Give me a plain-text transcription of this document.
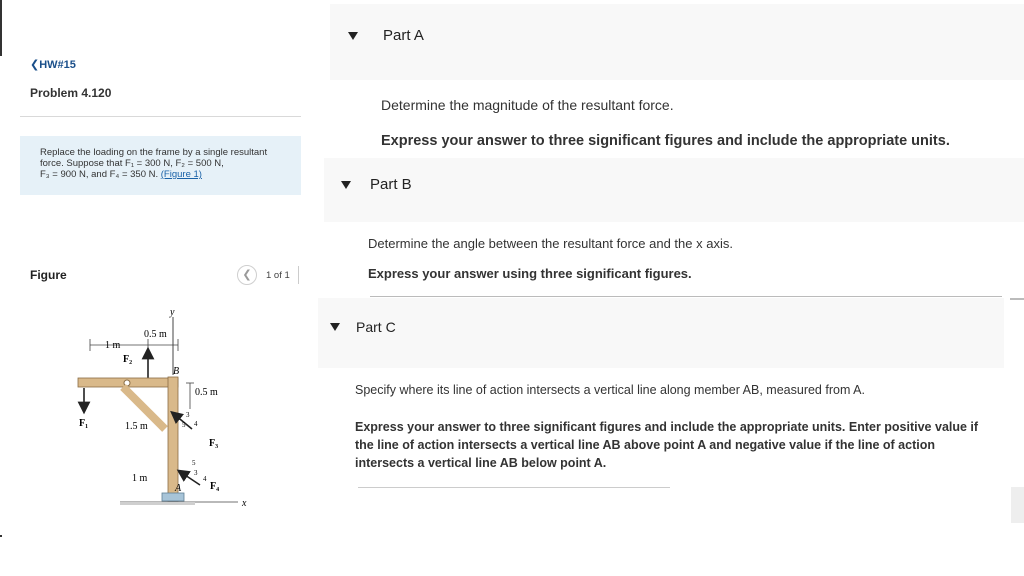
❮HW#15
Problem 4.120
Replace the loading on the frame by a single resultant
force. Suppose that F₁ = 300 N, F₂ = 500 N,
F₃ = 900 N, and F₄ = 350 N. (Figure 1)
Figure	❮	1 of 1
y
1 m
0.5 m
F₂
F₁
B
0.5 m
3
4
5
F₃
1.5 m
1 m	3
4
5
F₄
A
x
Part A
Determine the magnitude of the resultant force.
Express your answer to three significant figures and include the appropriate units.
Part B
Determine the angle between the resultant force and the x axis.
Express your answer using three significant figures.
Part C
Specify where its line of action intersects a vertical line along member AB, measured from A.
Express your answer to three significant figures and include the appropriate units. Enter positive value if the line of action intersects a vertical line AB above point A and negative value if the line of action intersects a vertical line AB below point A.
